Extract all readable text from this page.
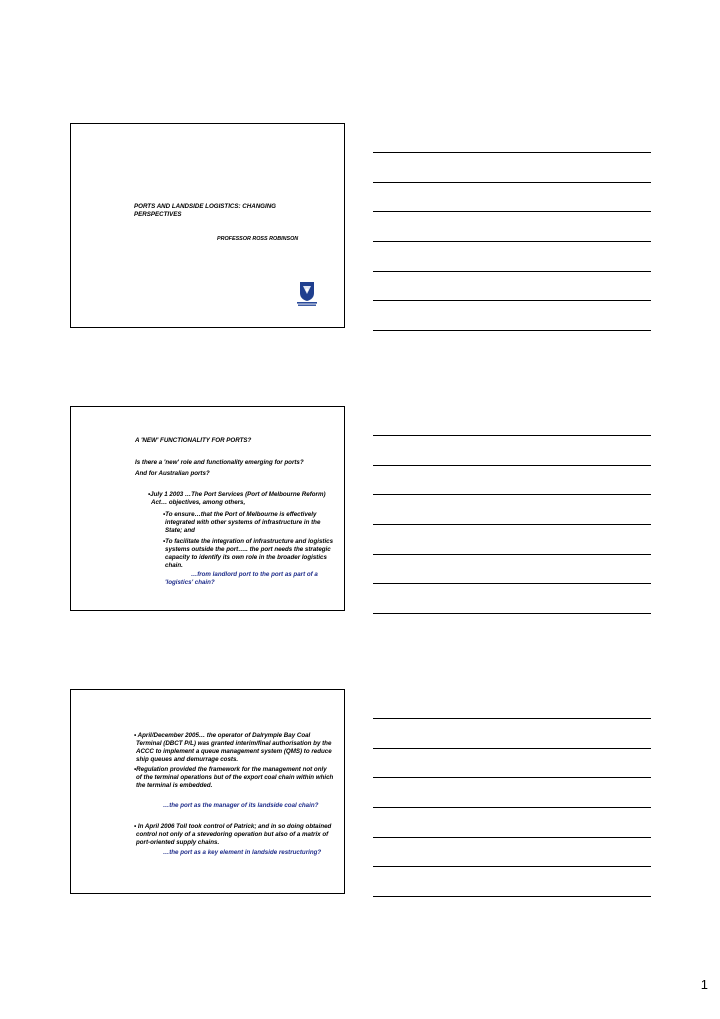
PORTS AND LANDSIDE LOGISTICS: CHANGING

PERSPECTIVES

PROFESSOR ROSS ROBINSON

A 'NEW' FUNCTIONALITY FOR PORTS?

Is there a 'new' role and functionality emerging for ports?

And for Australian ports?

•July 1 2003 …The Port Services (Port of Melbourne Reform)

Act… objectives, among others,

•To ensure…that the Port of Melbourne is effectively

integrated with other systems of infrastructure in the

State; and

•To facilitate the integration of infrastructure and logistics

systems outside the port….. the port needs the strategic

capacity to identify its own role in the broader logistics

chain.

…from landlord port to the port as part of a

'logistics' chain?

• April/December 2005… the operator of Dalrymple Bay Coal

Terminal (DBCT P/L) was granted interim/final authorisation by the

ACCC to implement a queue management system (QMS) to reduce

ship queues and demurrage costs.

•Regulation provided the framework for the management not only

of the terminal operations but of the export coal chain within which

the terminal is embedded.

…the port as the manager of its landside coal chain?

• In April 2006 Toll took control of Patrick; and in so doing obtained

control not only of a stevedoring operation but also of a matrix of

port-oriented supply chains.

…the port as a key element in landside restructuring?

1
